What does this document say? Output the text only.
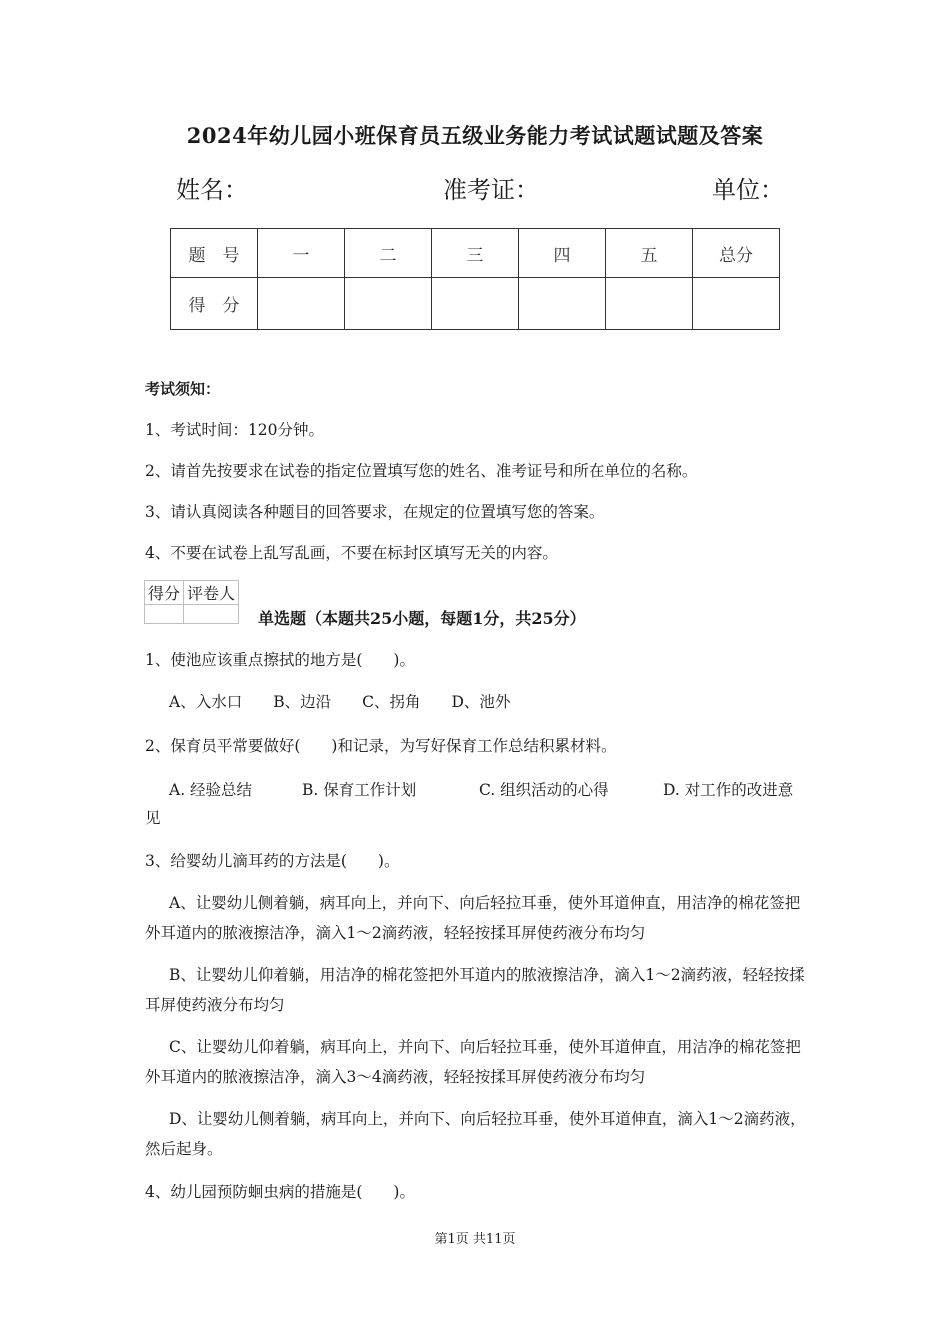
2024年幼儿园小班保育员五级业务能力考试试题试题及答案
姓名：	准考证：	单位：
题　号	一	二	三	四	五	总分
得　分						
考试须知：
1、考试时间：120分钟。
2、请首先按要求在试卷的指定位置填写您的姓名、准考证号和所在单位的名称。
3、请认真阅读各种题目的回答要求，在规定的位置填写您的答案。
4、不要在试卷上乱写乱画，不要在标封区填写无关的内容。
得分	评卷人

单选题（本题共25小题，每题1分，共25分）
1、使池应该重点擦拭的地方是(　　)。
A、入水口　　B、边沿　　C、拐角　　D、池外
2、保育员平常要做好(　　)和记录，为写好保育工作总结积累材料。
A. 经验总结	B. 保育工作计划	C. 组织活动的心得	D. 对工作的改进意
见
3、给婴幼儿滴耳药的方法是(　　)。
A、让婴幼儿侧着躺，病耳向上，并向下、向后轻拉耳垂，使外耳道伸直，用洁净的棉花签把外耳道内的脓液擦洁净，滴入1～2滴药液，轻轻按揉耳屏使药液分布均匀
B、让婴幼儿仰着躺，用洁净的棉花签把外耳道内的脓液擦洁净，滴入1～2滴药液，轻轻按揉耳屏使药液分布均匀
C、让婴幼儿仰着躺，病耳向上，并向下、向后轻拉耳垂，使外耳道伸直，用洁净的棉花签把外耳道内的脓液擦洁净，滴入3～4滴药液，轻轻按揉耳屏使药液分布均匀
D、让婴幼儿侧着躺，病耳向上，并向下、向后轻拉耳垂，使外耳道伸直，滴入1～2滴药液，然后起身。
4、幼儿园预防蛔虫病的措施是(　　)。
第1页 共11页
